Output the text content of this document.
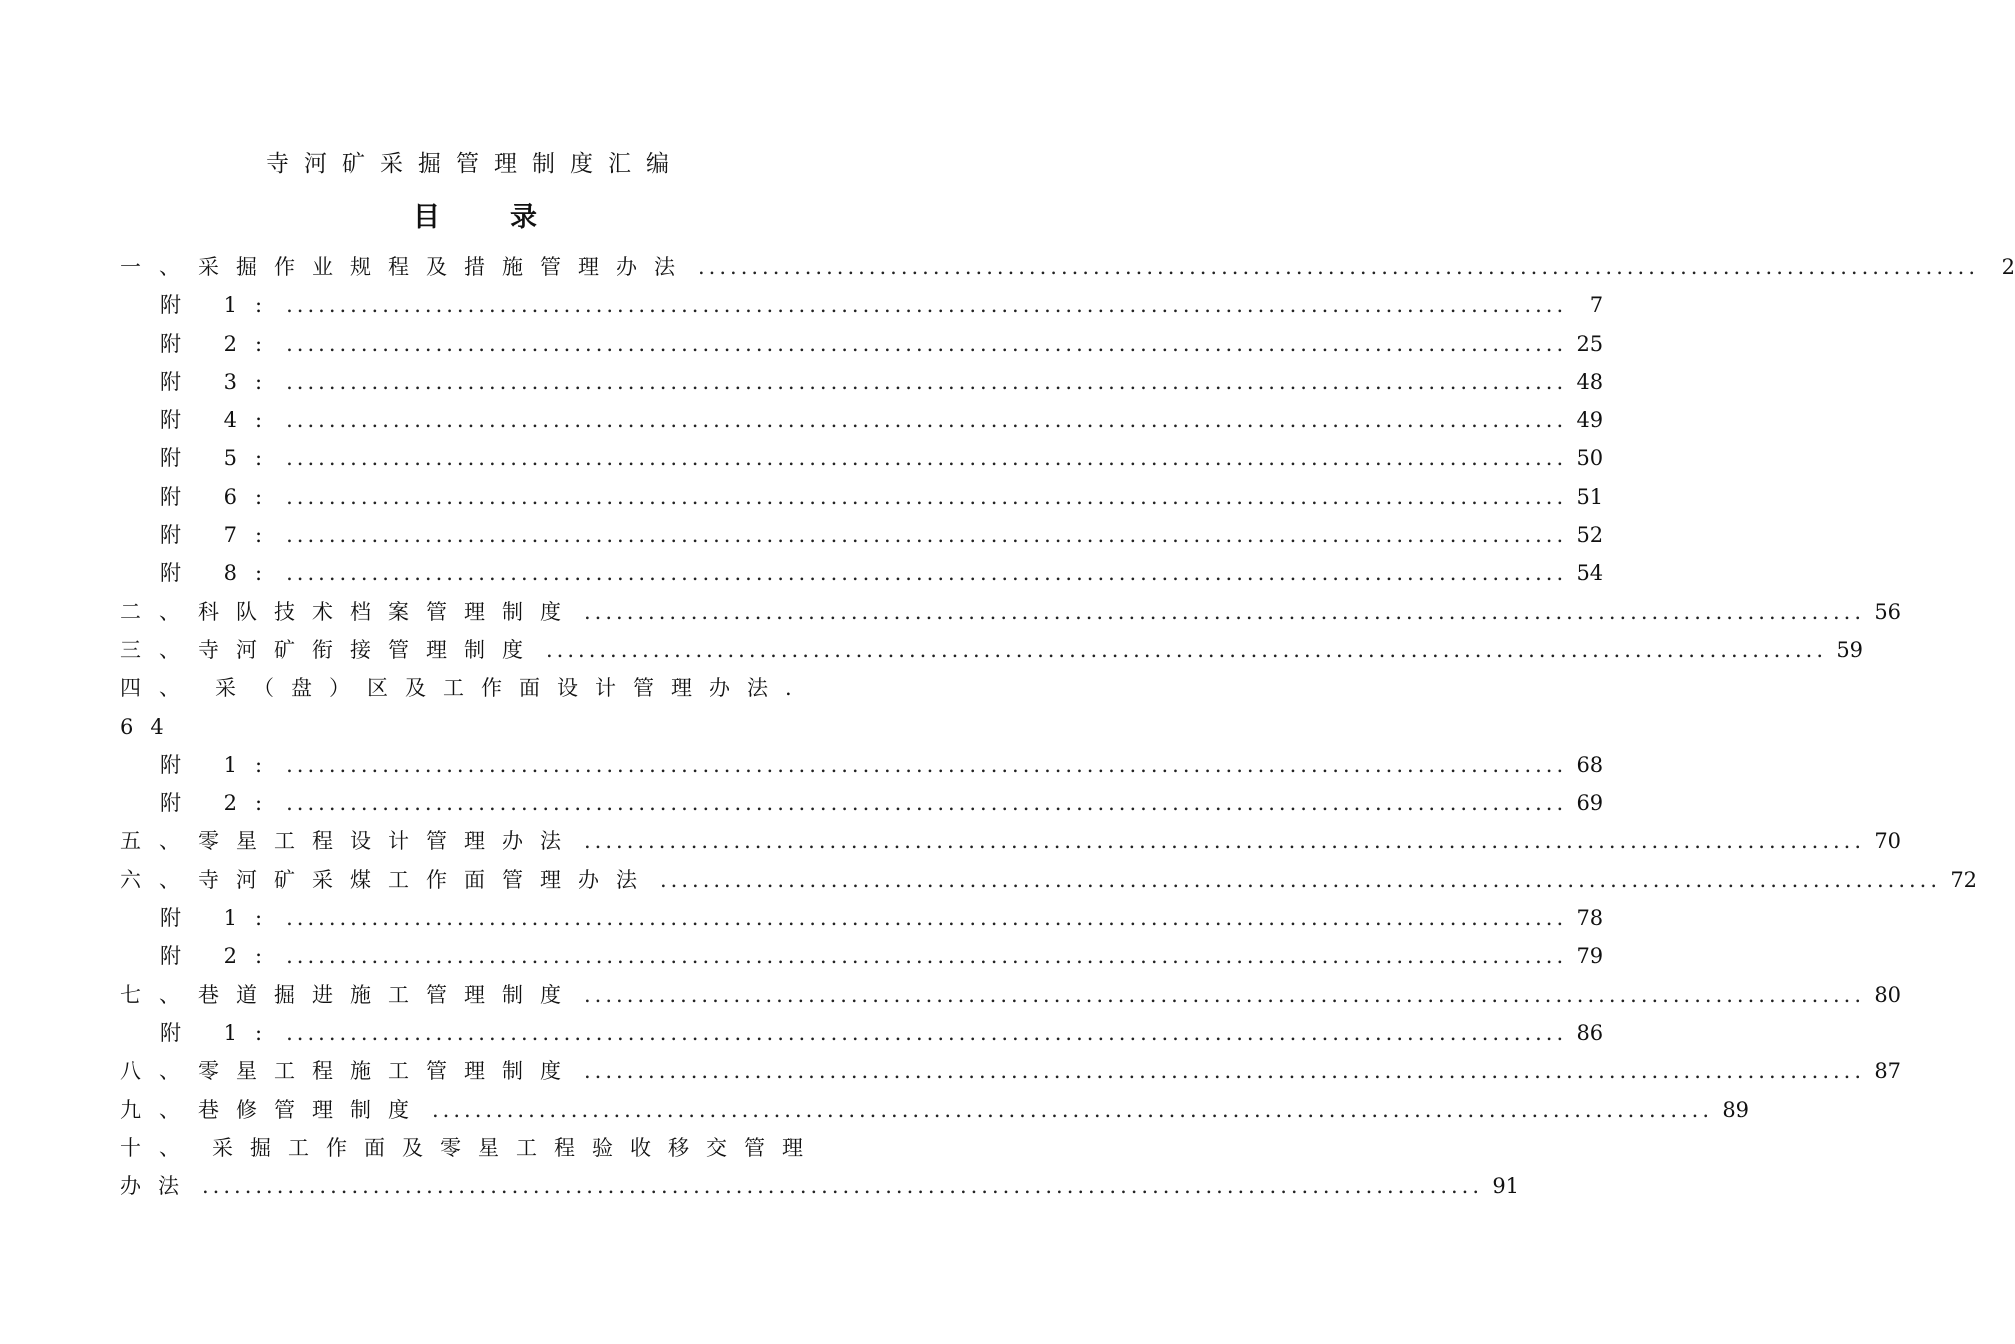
寺河矿采掘管理制度汇编
目录
一、 采掘作业规程及措施管理办法 ........................................................................................................................	2
附 1: ........................................................................................................................	7
附 2: ........................................................................................................................ 25
附 3: ........................................................................................................................ 48
附 4: ........................................................................................................................ 49
附 5: ........................................................................................................................ 50
附 6: ........................................................................................................................ 51
附 7: ........................................................................................................................ 52
附 8: ........................................................................................................................ 54
二、 科队技术档案管理制度 ........................................................................................................................ 56
三、 寺河矿衔接管理制度 ........................................................................................................................ 59
四、 采（盘）区及工作面设计管理办法.
64
附 1: ........................................................................................................................ 68
附 2: ........................................................................................................................ 69
五、 零星工程设计管理办法 ........................................................................................................................ 70
六、 寺河矿采煤工作面管理办法 ........................................................................................................................ 72
附 1: ........................................................................................................................ 78
附 2: ........................................................................................................................ 79
七、 巷道掘进施工管理制度 ........................................................................................................................ 80
附 1: ........................................................................................................................ 86
八、 零星工程施工管理制度 ........................................................................................................................ 87
九、 巷修管理制度 ........................................................................................................................ 89
十、 采掘工作面及零星工程验收移交管理
办法 ........................................................................................................................ 91
